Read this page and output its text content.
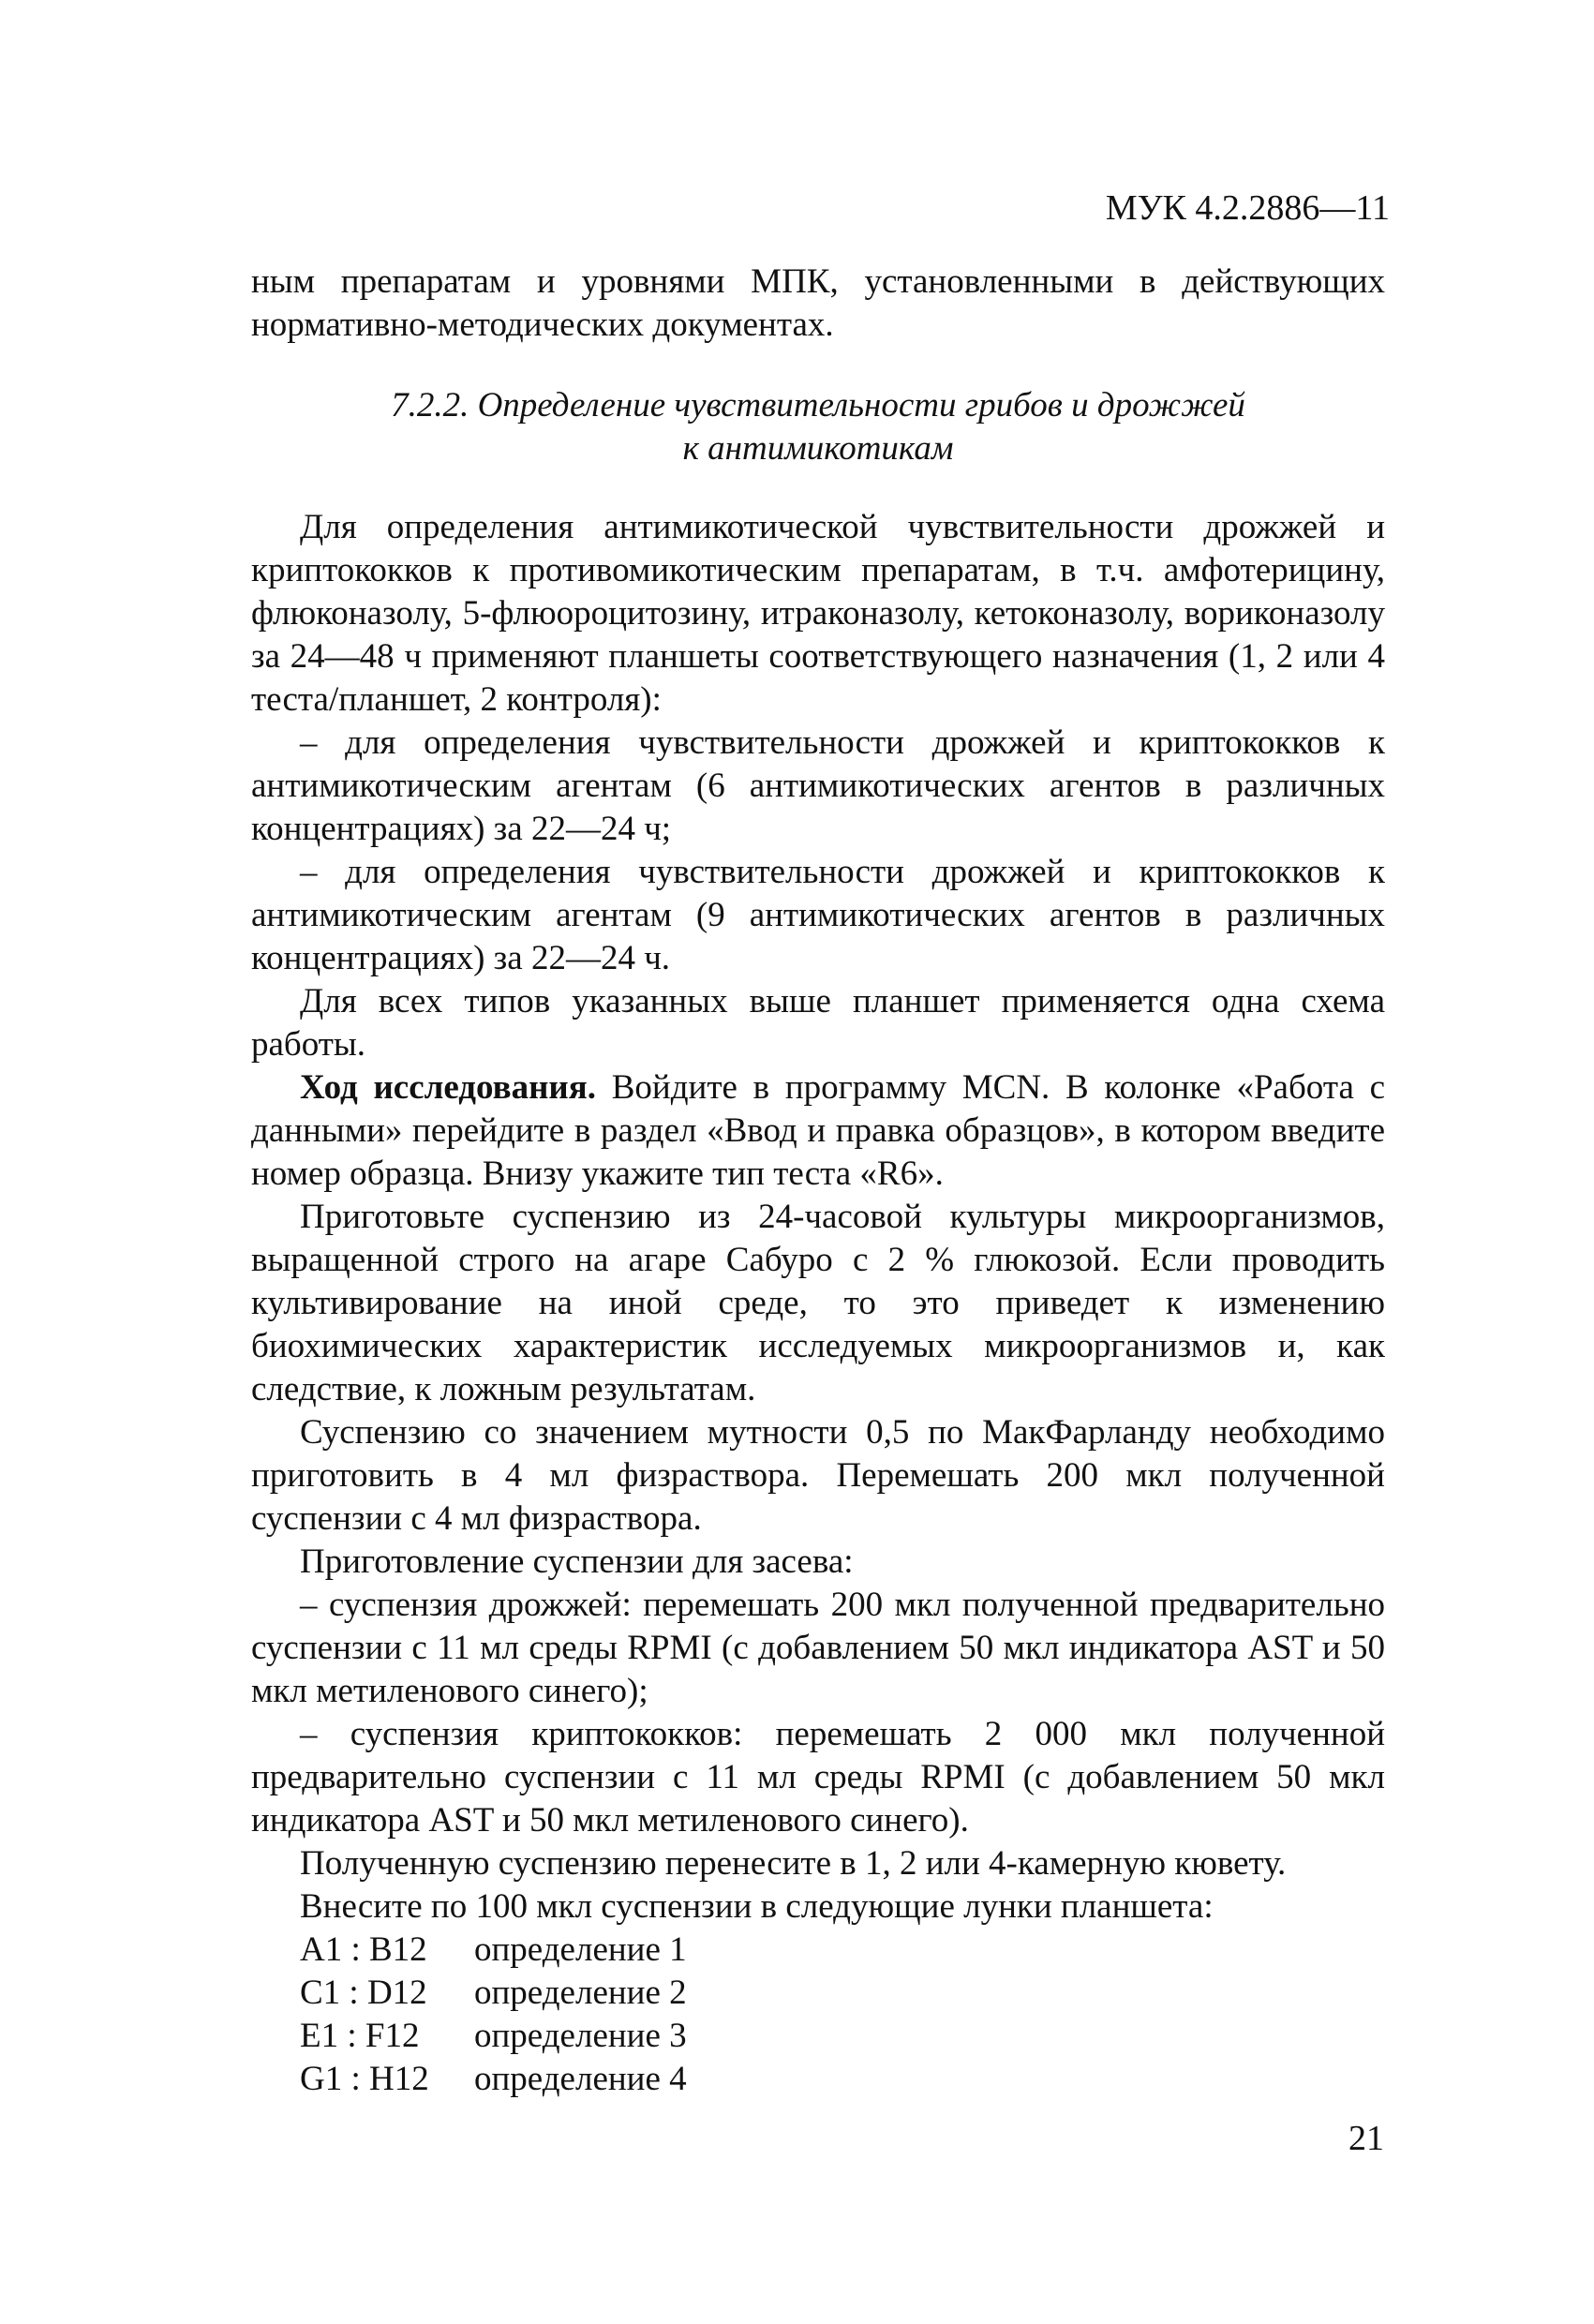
МУК 4.2.2886—11

ным препаратам и уровнями МПК, установленными в действующих нормативно-методических документах.

7.2.2. Определение чувствительности грибов и дрожжей
к антимикотикам

Для определения антимикотической чувствительности дрожжей и криптококков к противомикотическим препаратам, в т.ч. амфотерицину, флюконазолу, 5-флюороцитозину, итраконазолу, кетоконазолу, вориконазолу за 24—48 ч применяют планшеты соответствующего назначения (1, 2 или 4 теста/планшет, 2 контроля):

– для определения чувствительности дрожжей и криптококков к антимикотическим агентам (6 антимикотических агентов в различных концентрациях) за 22—24 ч;

– для определения чувствительности дрожжей и криптококков к антимикотическим агентам (9 антимикотических агентов в различных концентрациях) за 22—24 ч.

Для всех типов указанных выше планшет применяется одна схема работы.

Ход исследования. Войдите в программу MCN. В колонке «Работа с данными» перейдите в раздел «Ввод и правка образцов», в котором введите номер образца. Внизу укажите тип теста «R6».

Приготовьте суспензию из 24-часовой культуры микроорганизмов, выращенной строго на агаре Сабуро с 2 % глюкозой. Если проводить культивирование на иной среде, то это приведет к изменению биохимических характеристик исследуемых микроорганизмов и, как следствие, к ложным результатам.

Суспензию со значением мутности 0,5 по МакФарланду необходимо приготовить в 4 мл физраствора. Перемешать 200 мкл полученной суспензии с 4 мл физраствора.

Приготовление суспензии для засева:

– суспензия дрожжей: перемешать 200 мкл полученной предварительно суспензии с 11 мл среды RPMI (с добавлением 50 мкл индикатора AST и 50 мкл метиленового синего);

– суспензия криптококков: перемешать 2 000 мкл полученной предварительно суспензии с 11 мл среды RPMI (с добавлением 50 мкл индикатора AST и 50 мкл метиленового синего).

Полученную суспензию перенесите в 1, 2 или 4-камерную кювету.

Внесите по 100 мкл суспензии в следующие лунки планшета:

A1 : B12	определение 1
C1 : D12	определение 2
E1 : F12	определение 3
G1 : H12	определение 4
21
